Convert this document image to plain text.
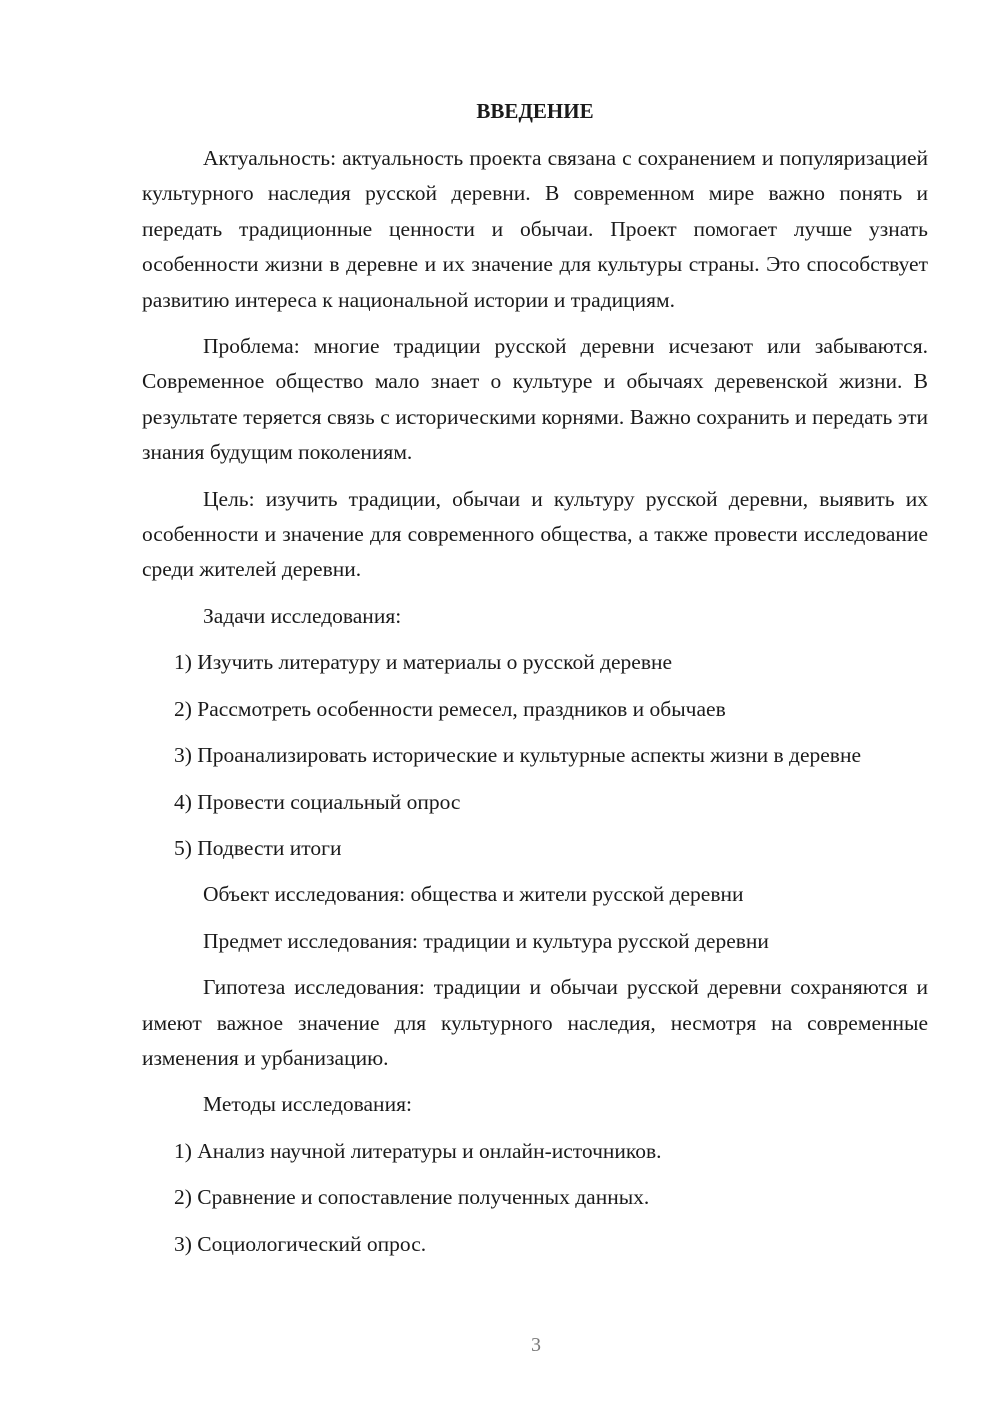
ВВЕДЕНИЕ

Актуальность: актуальность проекта связана с сохранением и популяризацией культурного наследия русской деревни. В современном мире важно понять и передать традиционные ценности и обычаи. Проект помогает лучше узнать особенности жизни в деревне и их значение для культуры страны. Это способствует развитию интереса к национальной истории и традициям.

Проблема: многие традиции русской деревни исчезают или забываются. Современное общество мало знает о культуре и обычаях деревенской жизни. В результате теряется связь с историческими корнями. Важно сохранить и передать эти знания будущим поколениям.

Цель: изучить традиции, обычаи и культуру русской деревни, выявить их особенности и значение для современного общества, а также провести исследование среди жителей деревни.

Задачи исследования:

1) Изучить литературу и материалы о русской деревне

2) Рассмотреть особенности ремесел, праздников и обычаев

3) Проанализировать исторические и культурные аспекты жизни в деревне

4) Провести социальный опрос

5) Подвести итоги

Объект исследования: общества и жители русской деревни

Предмет исследования: традиции и культура русской деревни

Гипотеза исследования: традиции и обычаи русской деревни сохраняются и имеют важное значение для культурного наследия, несмотря на современные изменения и урбанизацию.

Методы исследования:

1) Анализ научной литературы и онлайн-источников.

2) Сравнение и сопоставление полученных данных.

3) Социологический опрос.

3
